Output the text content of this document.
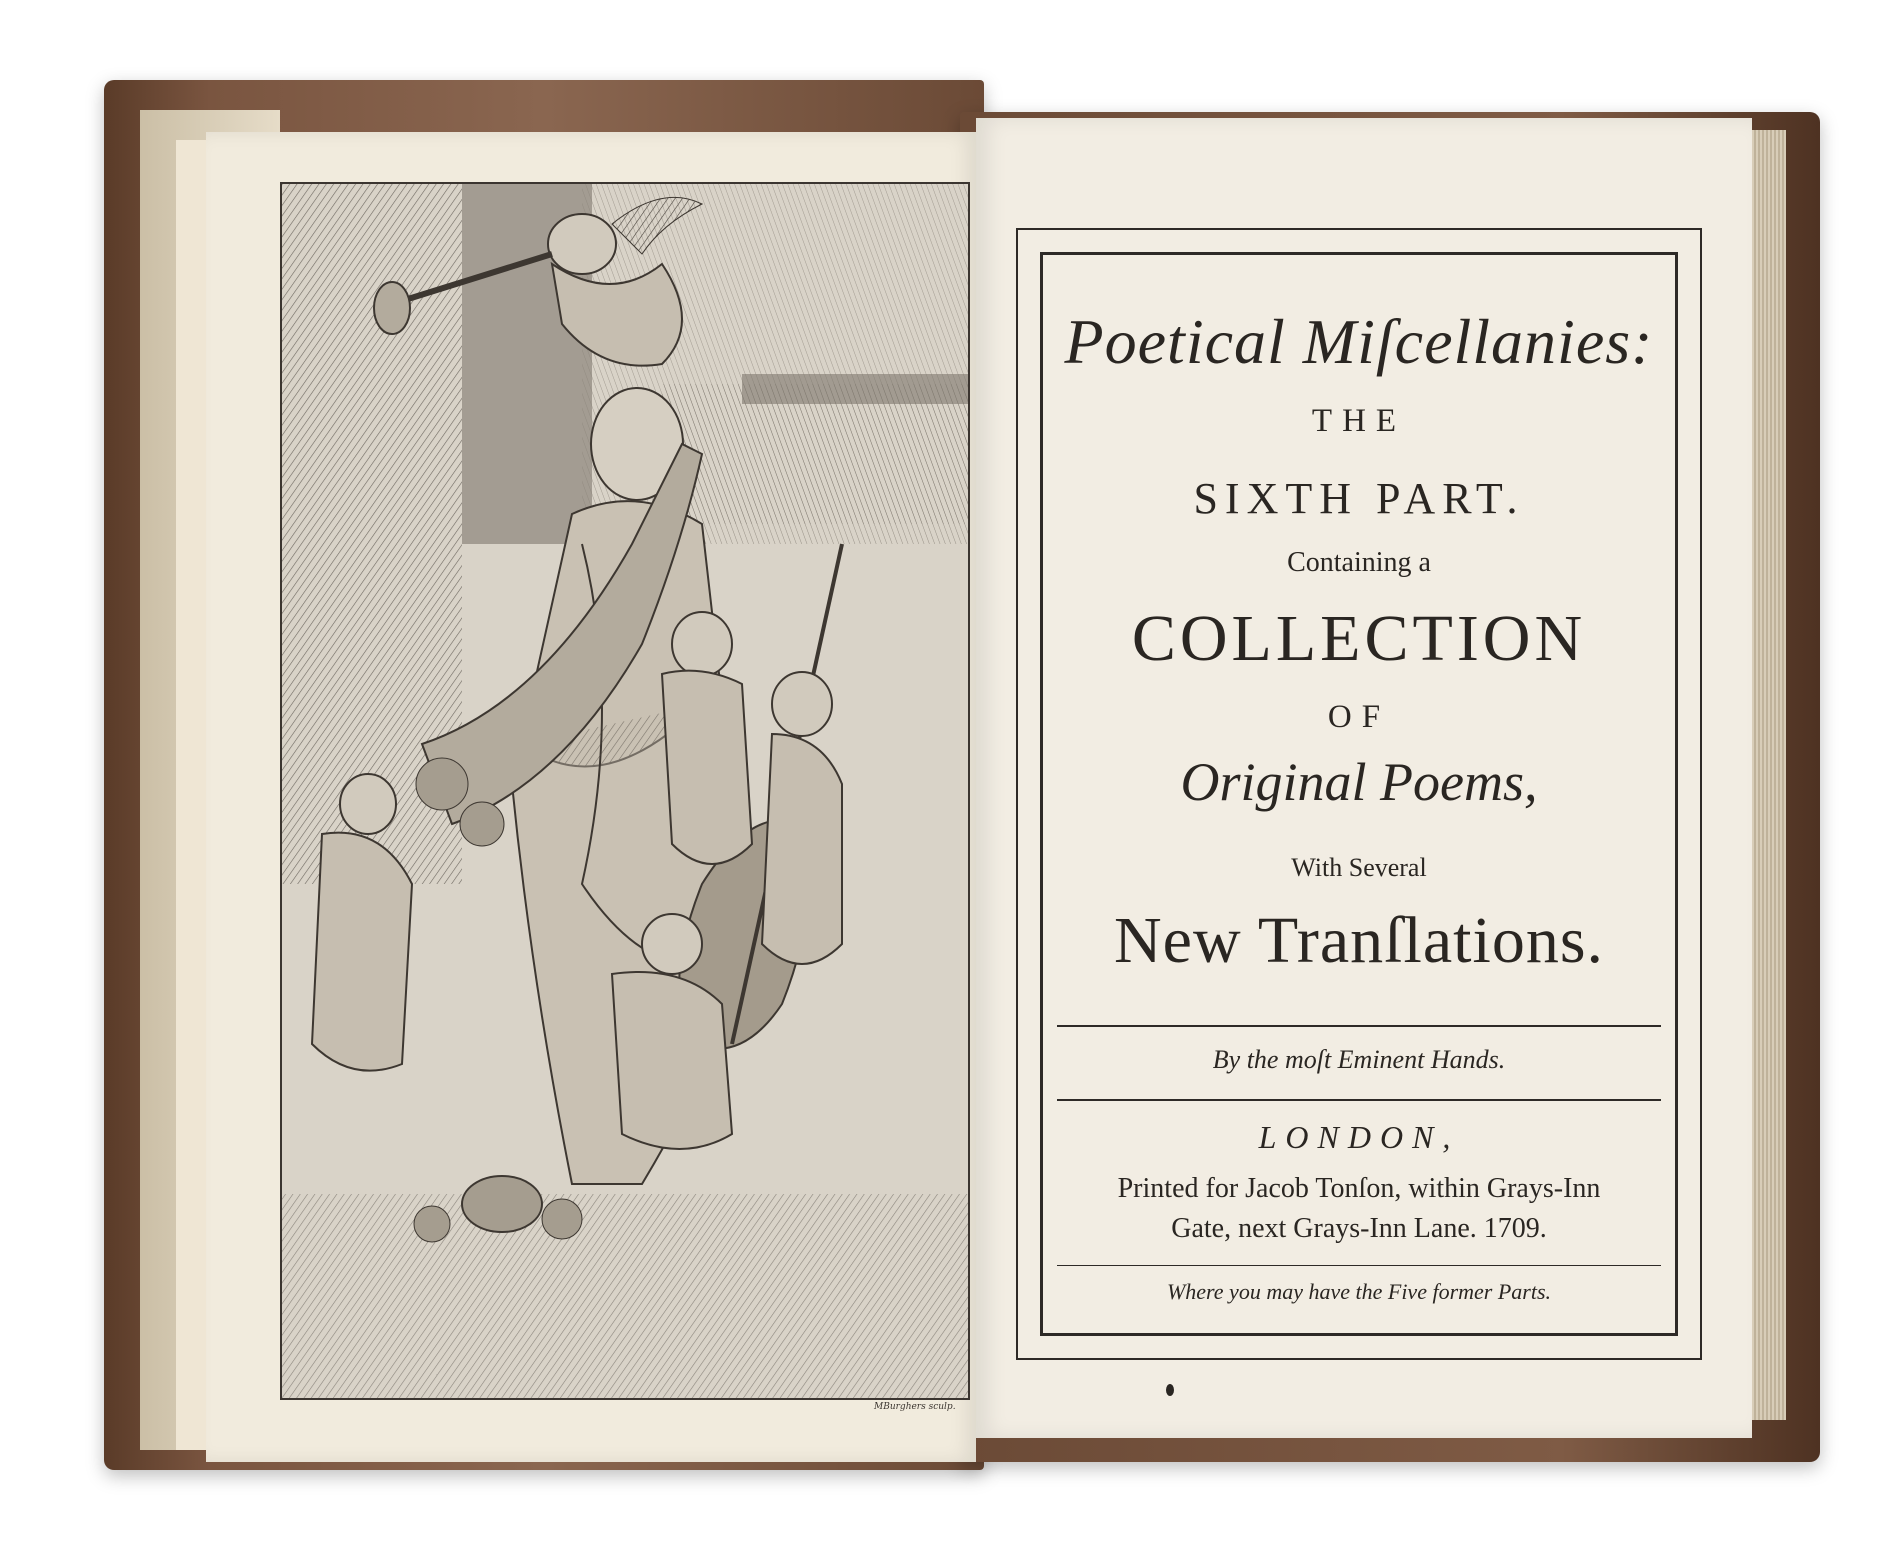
MBurghers sculp.
Poetical Miſcellanies:
THE
SIXTH PART.
Containing a
COLLECTION
OF
Original Poems,
With Several
New Tranſlations.
By the moſt Eminent Hands.
LONDON,
Printed for Jacob Tonſon, within Grays-Inn
Gate, next Grays-Inn Lane. 1709.
Where you may have the Five former Parts.
